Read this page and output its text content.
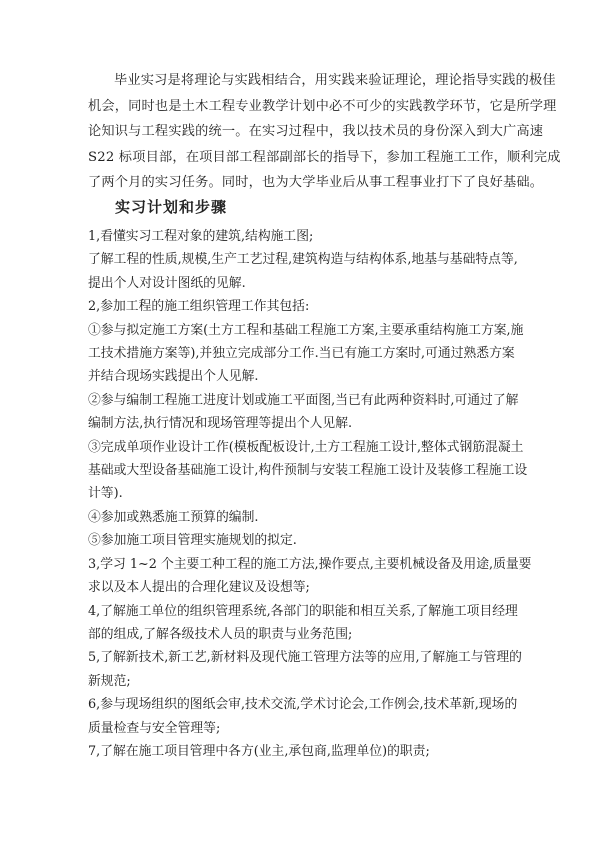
毕业实习是将理论与实践相结合，用实践来验证理论，理论指导实践的极佳
机会，同时也是土木工程专业教学计划中必不可少的实践教学环节，它是所学理
论知识与工程实践的统一。在实习过程中，我以技术员的身份深入到大广高速
S22 标项目部，在项目部工程部副部长的指导下，参加工程施工工作，顺利完成
了两个月的实习任务。同时，也为大学毕业后从事工程事业打下了良好基础。
实习计划和步骤
1,看懂实习工程对象的建筑,结构施工图;
了解工程的性质,规模,生产工艺过程,建筑构造与结构体系,地基与基础特点等,
提出个人对设计图纸的见解.
2,参加工程的施工组织管理工作其包括:
①参与拟定施工方案(土方工程和基础工程施工方案,主要承重结构施工方案,施
工技术措施方案等),并独立完成部分工作.当已有施工方案时,可通过熟悉方案
并结合现场实践提出个人见解.
②参与编制工程施工进度计划或施工平面图,当已有此两种资料时,可通过了解
编制方法,执行情况和现场管理等提出个人见解.
③完成单项作业设计工作(模板配板设计,土方工程施工设计,整体式钢筋混凝土
基础或大型设备基础施工设计,构件预制与安装工程施工设计及装修工程施工设
计等).
④参加或熟悉施工预算的编制.
⑤参加施工项目管理实施规划的拟定.
3,学习 1~2 个主要工种工程的施工方法,操作要点,主要机械设备及用途,质量要
求以及本人提出的合理化建议及设想等;
4,了解施工单位的组织管理系统,各部门的职能和相互关系,了解施工项目经理
部的组成,了解各级技术人员的职责与业务范围;
5,了解新技术,新工艺,新材料及现代施工管理方法等的应用,了解施工与管理的
新规范;
6,参与现场组织的图纸会审,技术交流,学术讨论会,工作例会,技术革新,现场的
质量检查与安全管理等;
7,了解在施工项目管理中各方(业主,承包商,监理单位)的职责;
